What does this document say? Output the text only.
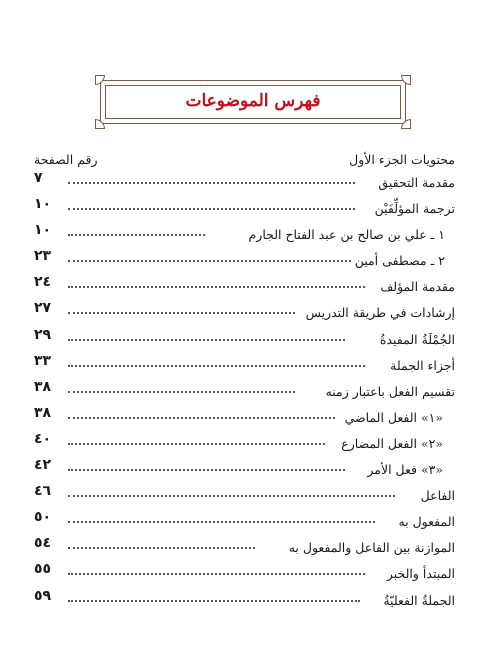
فهرس الموضوعات
محتويات الجزء الأول
رقم الصفحة
مقدمة التحقيق
٧
ترجمة المؤلِّفَيْن
١٠
١ ـ علي بن صالح بن عبد الفتاح الجارم
١٠
٢ ـ مصطفى أمين
٢٣
مقدمة المؤلف
٢٤
إرشادات في طريقة التدريس
٢٧
الجُمْلَةُ المفيدةُ
٢٩
أجزاء الجملة
٣٣
تقسيم الفعل باعتبار زمنه
٣٨
«١» الفعل الماضي
٣٨
«٢» الفعل المضارع
٤٠
«٣» فعل الأمر
٤٢
الفاعل
٤٦
المفعول به
٥٠
الموازنة بين الفاعل والمفعول به
٥٤
المبتدأ والخبر
٥٥
الجملةُ الفعليّةُ
٥٩
